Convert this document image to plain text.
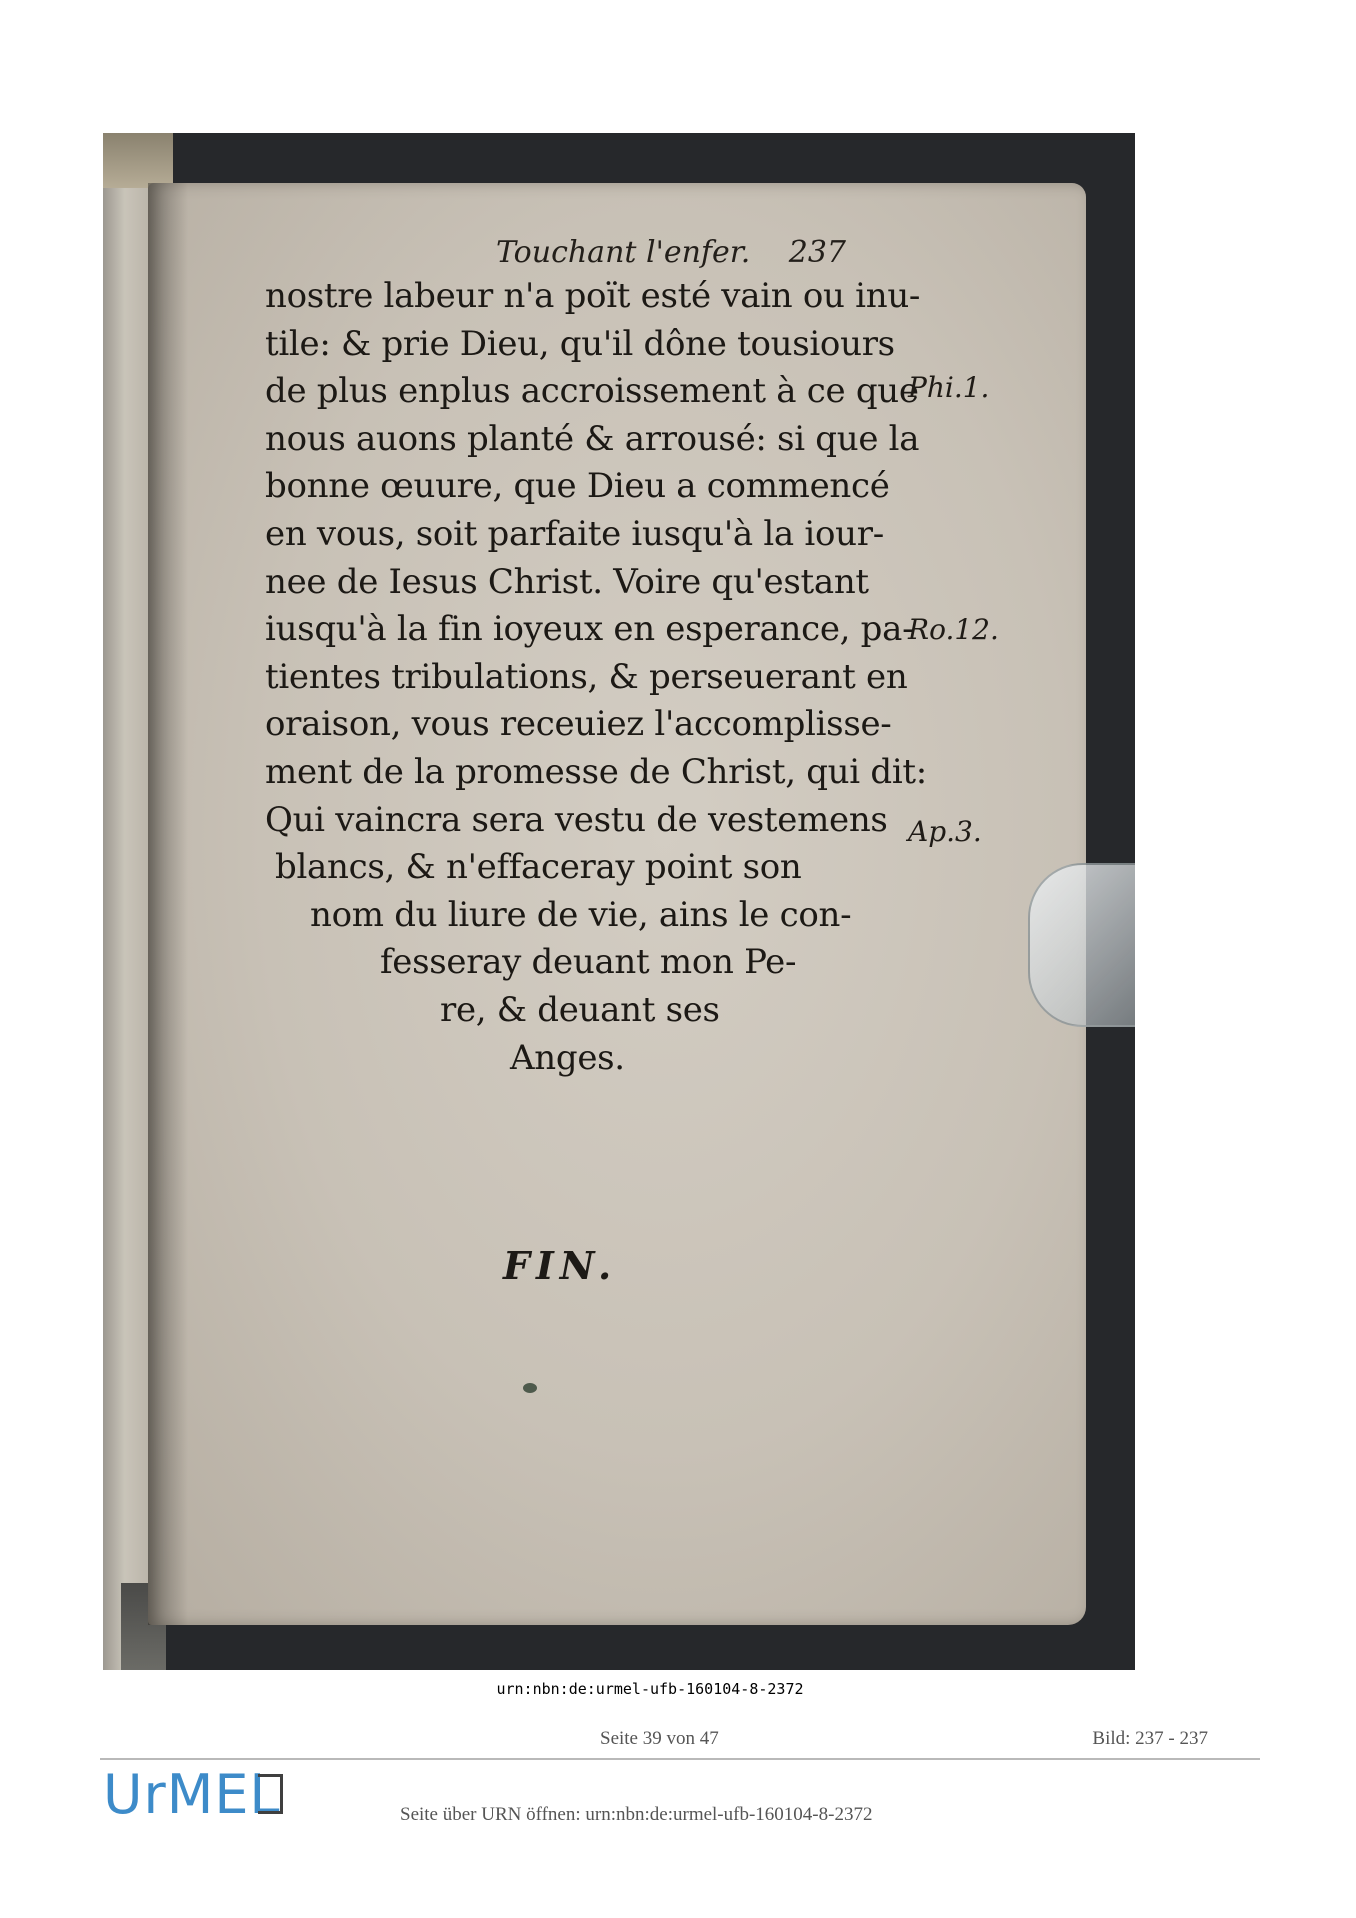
Touchant l'enfer. 237
nostre labeur n'a poït esté vain ou inu-
tile: & prie Dieu, qu'il dône tousiours
de plus enplus accroissement à ce que
nous auons planté & arrousé: si que la
bonne œuure, que Dieu a commencé
en vous, soit parfaite iusqu'à la iour-
nee de Iesus Christ. Voire qu'estant
iusqu'à la fin ioyeux en esperance, pa-
tientes tribulations, & perseuerant en
oraison, vous receuiez l'accomplisse-
ment de la promesse de Christ, qui dit:
Qui vaincra sera vestu de vestemens
blancs, & n'effaceray point son
nom du liure de vie, ains le con-
fesseray deuant mon Pe-
re, & deuant ses
Anges.
Phi.1.
Ro.12.
Ap.3.
FIN.
urn:nbn:de:urmel-ufb-160104-8-2372
Seite 39 von 47	Bild: 237 - 237
UrMEL	Seite über URN öffnen: urn:nbn:de:urmel-ufb-160104-8-2372
